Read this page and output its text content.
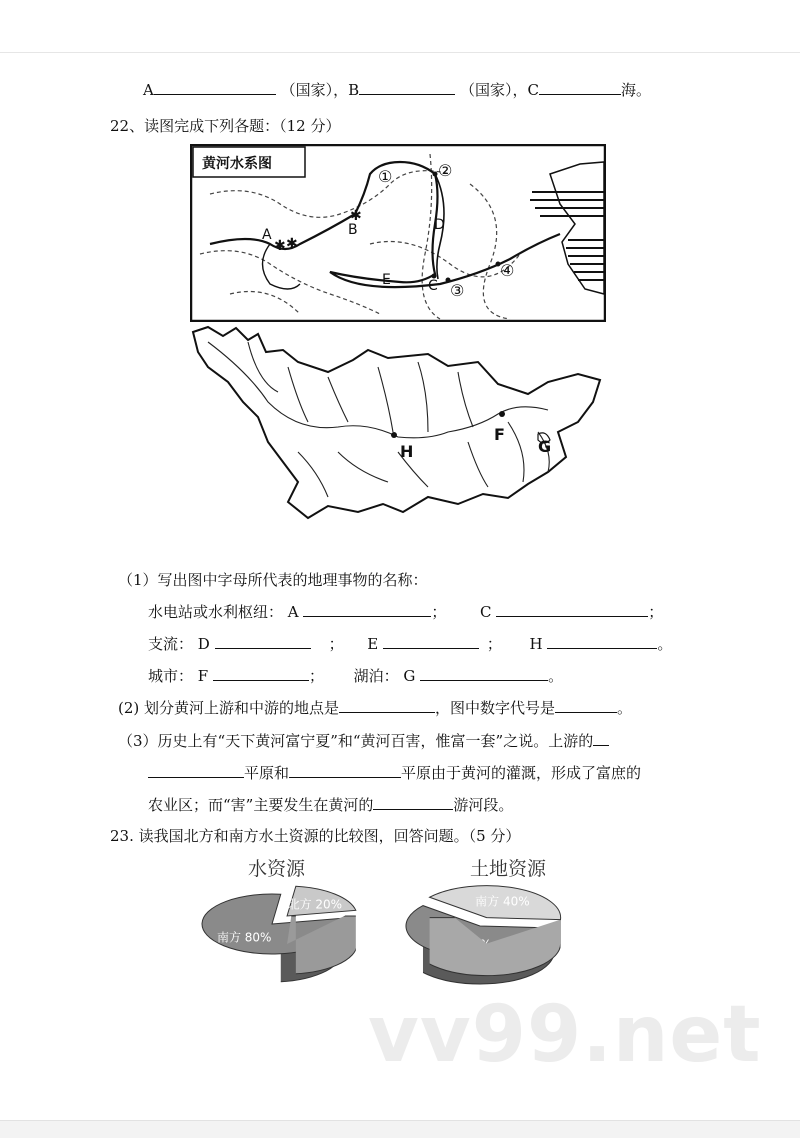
A	（国家），B	（国家），C	海。
22、读图完成下列各题：（12 分）
黄河水系图
✱ ✱
✱
A	B
C
D
E
①	②
③
④
F
G
H
（1）写出图中字母所代表的地理事物的名称：
水电站或水利枢纽： A	； C	；
支流： D	； E	； H	。
城市： F	； 湖泊： G	。
(2) 划分黄河上游和中游的地点是	，图中数字代号是	。
（3）历史上有“天下黄河富宁夏”和“黄河百害，惟富一套”之说。上游的
平原和	平原由于黄河的灌溉，形成了富庶的
农业区；而“害”主要发生在黄河的	游河段。
23. 读我国北方和南方水土资源的比较图，回答问题。（5 分）
水资源	土地资源
南方 80%
北方 20%	南方 40%
vv99.net
